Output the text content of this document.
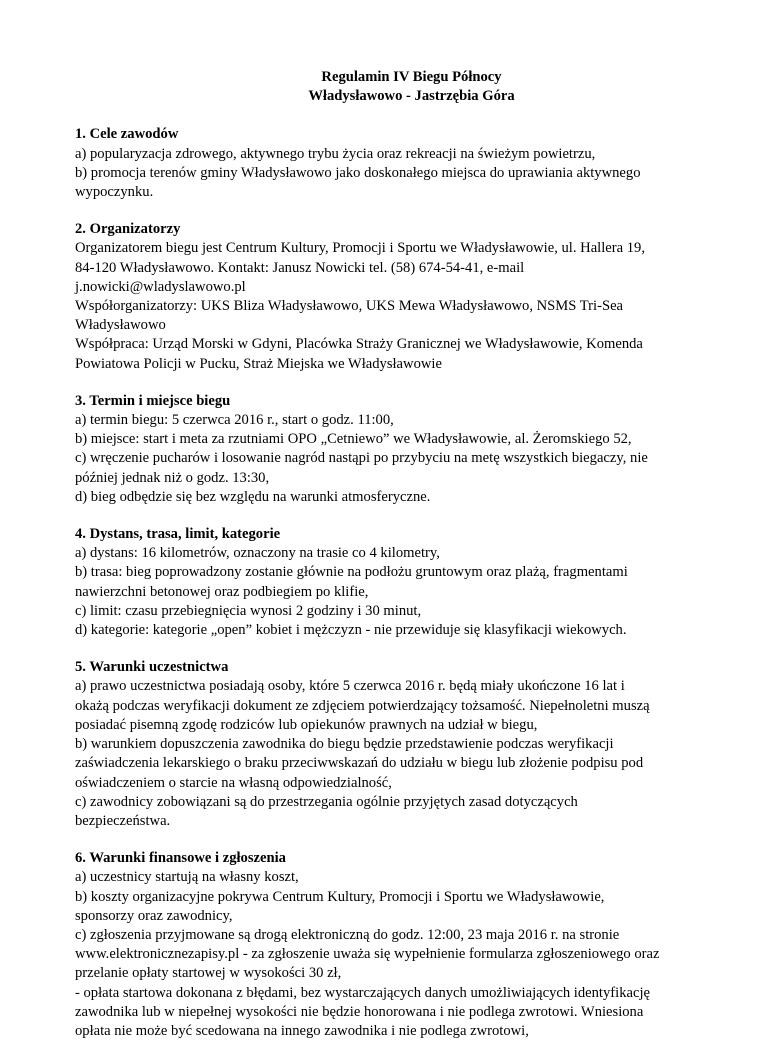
Regulamin IV Biegu Północy
Władysławowo - Jastrzębia Góra
1. Cele zawodów
a) popularyzacja zdrowego, aktywnego trybu życia oraz rekreacji na świeżym powietrzu,
b) promocja terenów gminy Władysławowo jako doskonałego miejsca do uprawiania aktywnego
wypoczynku.
2. Organizatorzy
Organizatorem biegu jest Centrum Kultury, Promocji i Sportu we Władysławowie, ul. Hallera 19,
84-120 Władysławowo. Kontakt: Janusz Nowicki tel. (58) 674-54-41, e-mail
j.nowicki@wladyslawowo.pl
Współorganizatorzy: UKS Bliza Władysławowo, UKS Mewa Władysławowo, NSMS Tri-Sea
Władysławowo
Współpraca: Urząd Morski w Gdyni, Placówka Straży Granicznej we Władysławowie, Komenda
Powiatowa Policji w Pucku, Straż Miejska we Władysławowie
3. Termin i miejsce biegu
a) termin biegu: 5 czerwca 2016 r., start o godz. 11:00,
b) miejsce: start i meta za rzutniami OPO „Cetniewo” we Władysławowie, al. Żeromskiego 52,
c) wręczenie pucharów i losowanie nagród nastąpi po przybyciu na metę wszystkich biegaczy, nie
później jednak niż o godz. 13:30,
d) bieg odbędzie się bez względu na warunki atmosferyczne.
4. Dystans, trasa, limit, kategorie
a) dystans: 16 kilometrów, oznaczony na trasie co 4 kilometry,
b) trasa: bieg poprowadzony zostanie głównie na podłożu gruntowym oraz plażą, fragmentami
nawierzchni betonowej oraz podbiegiem po klifie,
c) limit: czasu przebiegnięcia wynosi 2 godziny i 30 minut,
d) kategorie: kategorie „open” kobiet i mężczyzn - nie przewiduje się klasyfikacji wiekowych.
5. Warunki uczestnictwa
a) prawo uczestnictwa posiadają osoby, które 5 czerwca 2016 r. będą miały ukończone 16 lat i
okażą podczas weryfikacji dokument ze zdjęciem potwierdzający tożsamość. Niepełnoletni muszą
posiadać pisemną zgodę rodziców lub opiekunów prawnych na udział w biegu,
b) warunkiem dopuszczenia zawodnika do biegu będzie przedstawienie podczas weryfikacji
zaświadczenia lekarskiego o braku przeciwwskazań do udziału w biegu lub złożenie podpisu pod
oświadczeniem o starcie na własną odpowiedzialność,
c) zawodnicy zobowiązani są do przestrzegania ogólnie przyjętych zasad dotyczących
bezpieczeństwa.
6. Warunki finansowe i zgłoszenia
a) uczestnicy startują na własny koszt,
b) koszty organizacyjne pokrywa Centrum Kultury, Promocji i Sportu we Władysławowie,
sponsorzy oraz zawodnicy,
c) zgłoszenia przyjmowane są drogą elektroniczną do godz. 12:00, 23 maja 2016 r. na stronie
www.elektronicznezapisy.pl - za zgłoszenie uważa się wypełnienie formularza zgłoszeniowego oraz
przelanie opłaty startowej w wysokości 30 zł,
- opłata startowa dokonana z błędami, bez wystarczających danych umożliwiających identyfikację
zawodnika lub w niepełnej wysokości nie będzie honorowana i nie podlega zwrotowi. Wniesiona
opłata nie może być scedowana na innego zawodnika i nie podlega zwrotowi,
